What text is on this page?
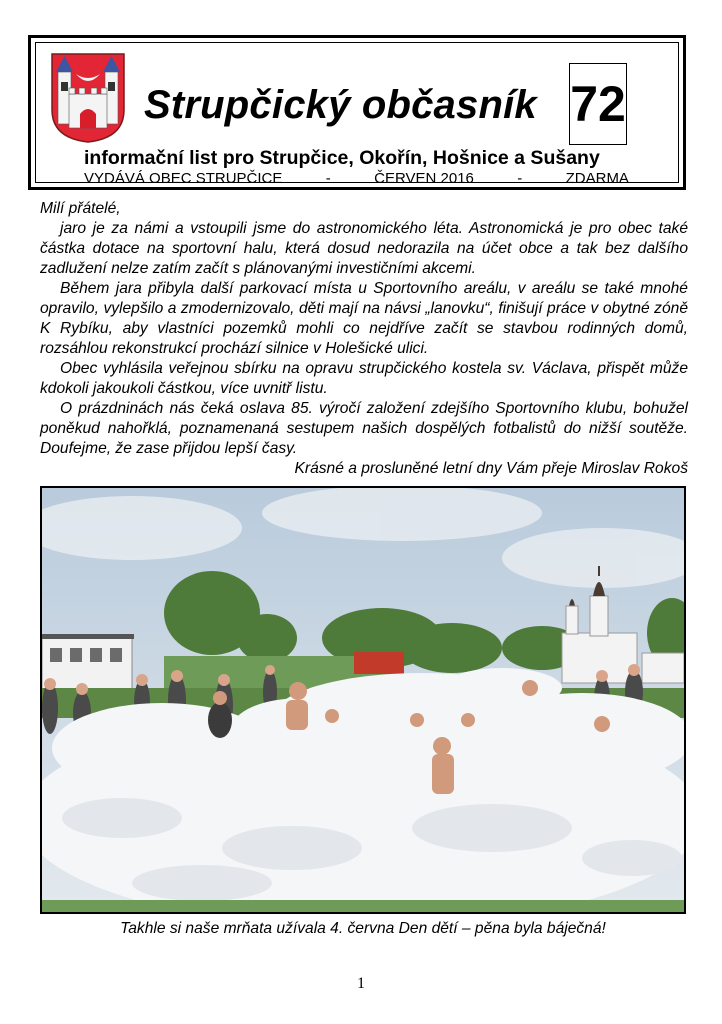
Strupčický občasník 72
informační list pro Strupčice, Okořín, Hošnice a Sušany
VYDÁVÁ OBEC STRUPČICE	-	ČERVEN 2016	-	ZDARMA

Milí přátelé,

jaro je za námi a vstoupili jsme do astronomického léta. Astronomická je pro obec také částka dotace na sportovní halu, která dosud nedorazila na účet obce a tak bez dalšího zadlužení nelze zatím začít s plánovanými investičními akcemi.

Během jara přibyla další parkovací místa u Sportovního areálu, v areálu se také mnohé opravilo, vylepšilo a zmodernizovalo, děti mají na návsi „lanovku“, finišují práce v obytné zóně K Rybíku, aby vlastníci pozemků mohli co nejdříve začít se stavbou rodinných domů, rozsáhlou rekonstrukcí prochází silnice v Holešické ulici.

Obec vyhlásila veřejnou sbírku na opravu strupčického kostela sv. Václava, přispět může kdokoli jakoukoli částkou, více uvnitř listu.

O prázdninách nás čeká oslava 85. výročí založení zdejšího Sportovního klubu, bohužel poněkud nahořklá, poznamenaná sestupem našich dospělých fotbalistů do nižší soutěže. Doufejme, že zase přijdou lepší časy.

Krásné a prosluněné letní dny Vám přeje Miroslav Rokoš

Takhle si naše mrňata užívala 4. června Den dětí – pěna byla báječná!
1
